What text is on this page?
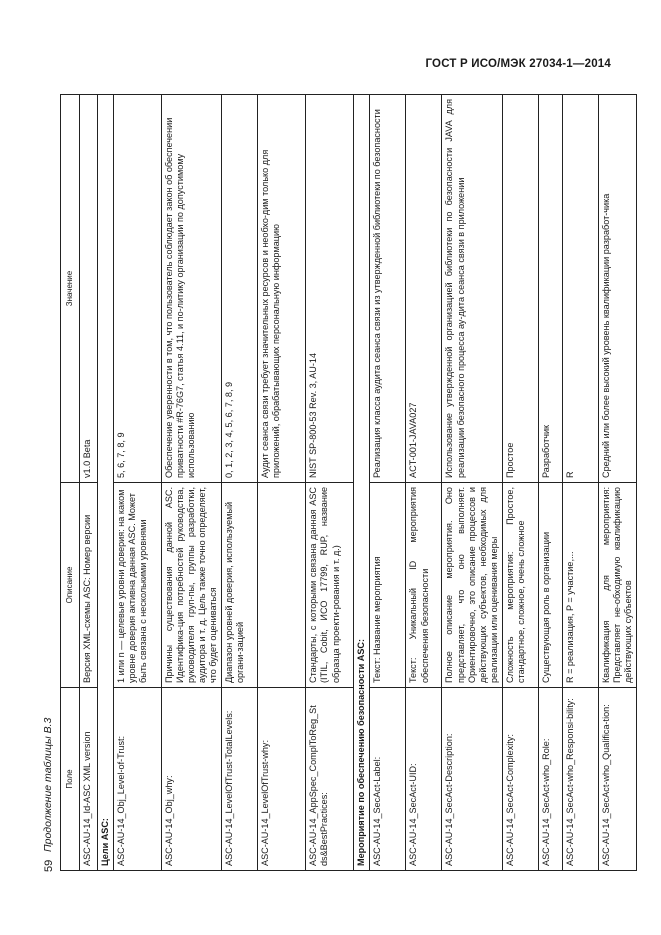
ГОСТ Р ИСО/МЭК 27034-1—2014
Продолжение таблицы В.3
59
Поле	Описание	Значение
ASC-AU-14_Id-ASC XML version	Версия XML-схемы ASC: Номер версии	v1.0 Beta
Цели ASC:		
ASC-AU-14_Obj_Level-of-Trust:	1 или n — целевые уровни доверия: на каком уровне доверия активна данная ASC. Может быть связана с несколькими уровнями	5, 6, 7, 8, 9
ASC-AU-14_Obj_why:	Причины существования данной ASC. Идентифика-ция потребностей руководства, руководителя груп-пы, группы разработки, аудитора и т. д. Цель также точно определяет, что будет оцениваться	Обеспечение уверенности в том, что пользователь соблюдает закон об обеспечении приватности #R-76G7, статья 4.11, и по-литику организации по допустимому использованию
ASC-AU-14_LevelOfTrust-TotalLevels:	Диапазон уровней доверия, используемый органи-зацией	0, 1, 2, 3, 4, 5, 6, 7, 8, 9
ASC-AU-14_LevelOfTrust-why:		Аудит сеанса связи требует значительных ресурсов и необхо-дим только для приложений, обрабатывающих персональную информацию
ASC-AU-14_AppSpec_ComplToReg_St ds&BestPractices:	Стандарты, с которыми связана данная ASC (ITIL, Cobit, ИСО 17799, RUP, название образца проекти-рования и т. д.)	NIST SP-800-53 Rev. 3, AU-14
Мероприятие по обеспечению безопасности ASC:		
ASC-AU-14_SecAct-Label:	Текст: Название мероприятия	Реализация класса аудита сеанса связи из утвержденной библиотеки по безопасности
ASC-AU-14_SecAct-UID:	Текст: Уникальный ID мероприятия обеспечения безопасности	ACT-001-JAVA027
ASC-AU-14_SecAct-Description:	Полное описание мероприятия. Оно представляет, что оно выполняет. Ориентировочно, это описание процессов и действующих субъектов, необходимых для реализации или оценивания меры	Использование утвержденной организацией библиотеки по безопасности JAVA для реализации безопасного процесса ау-дита сеанса связи в приложении
ASC-AU-14_SecAct-Complexity:	Сложность мероприятия: Простое, стандартное, сложное, очень сложное	Простое
ASC-AU-14_SecAct-who_Role:	Существующая роль в организации	Разработчик
ASC-AU-14_SecAct-who_Responsi-bility:	R = реализация, P = участие,...	R
ASC-AU-14_SecAct-who_Qualifica-tion:	Квалификация для мероприятия: Представляет не-обходимую квалификацию действующих субъектов	Средний или более высокий уровень квалификации разработ-чика
